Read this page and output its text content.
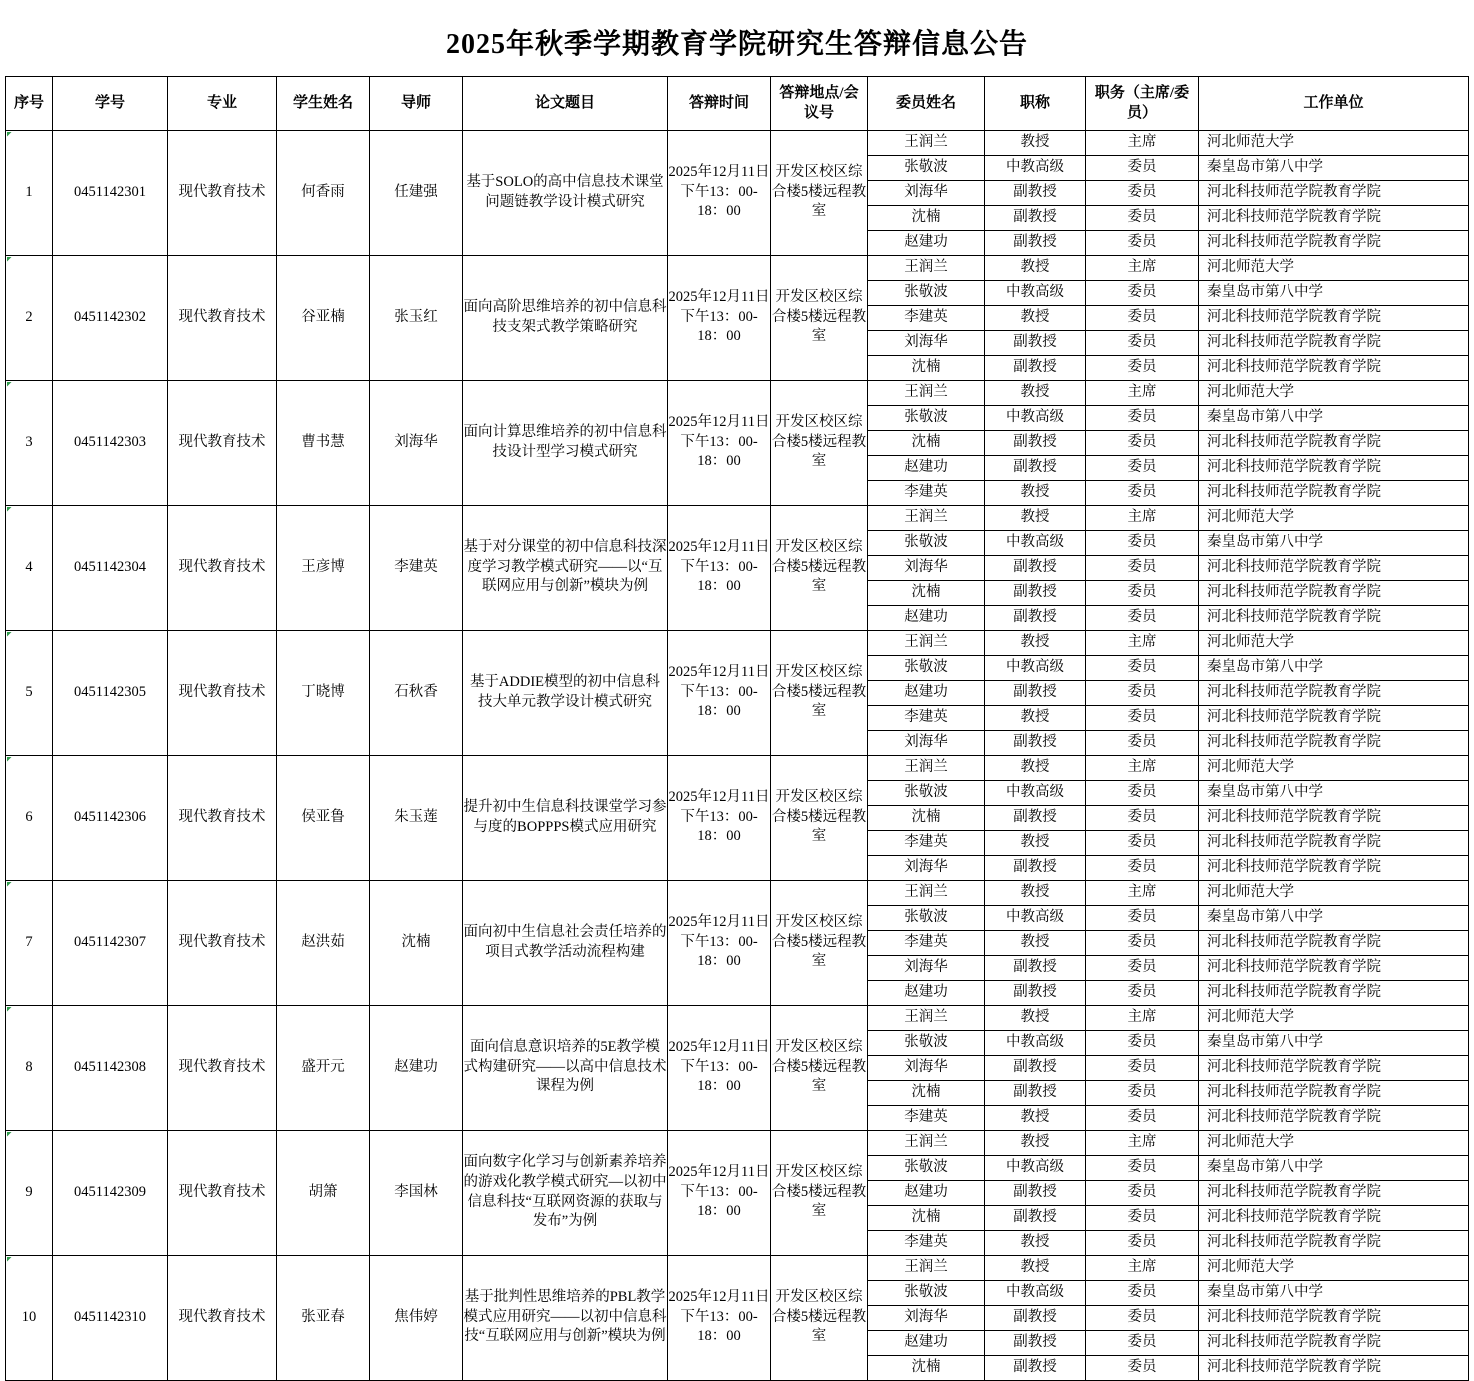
2025年秋季学期教育学院研究生答辩信息公告
序号	学号	专业	学生姓名	导师	论文题目	答辩时间	答辩地点/会议号	委员姓名	职称	职务（主席/委员）	工作单位
1	0451142301	现代教育技术	何香雨	任建强	基于SOLO的高中信息技术课堂问题链教学设计模式研究	2025年12月11日下午13：00-18：00	开发区校区综合楼5楼远程教室	
王润兰	教授	主席	河北师范大学
张敬波	中教高级	委员	秦皇岛市第八中学
刘海华	副教授	委员	河北科技师范学院教育学院
沈楠	副教授	委员	河北科技师范学院教育学院
赵建功	副教授	委员	河北科技师范学院教育学院

2	0451142302	现代教育技术	谷亚楠	张玉红	面向高阶思维培养的初中信息科技支架式教学策略研究	2025年12月11日下午13：00-18：00	开发区校区综合楼5楼远程教室	
王润兰	教授	主席	河北师范大学
张敬波	中教高级	委员	秦皇岛市第八中学
李建英	教授	委员	河北科技师范学院教育学院
刘海华	副教授	委员	河北科技师范学院教育学院
沈楠	副教授	委员	河北科技师范学院教育学院

3	0451142303	现代教育技术	曹书慧	刘海华	面向计算思维培养的初中信息科技设计型学习模式研究	2025年12月11日下午13：00-18：00	开发区校区综合楼5楼远程教室	
王润兰	教授	主席	河北师范大学
张敬波	中教高级	委员	秦皇岛市第八中学
沈楠	副教授	委员	河北科技师范学院教育学院
赵建功	副教授	委员	河北科技师范学院教育学院
李建英	教授	委员	河北科技师范学院教育学院

4	0451142304	现代教育技术	王彦博	李建英	基于对分课堂的初中信息科技深度学习教学模式研究——以“互联网应用与创新”模块为例	2025年12月11日下午13：00-18：00	开发区校区综合楼5楼远程教室	
王润兰	教授	主席	河北师范大学
张敬波	中教高级	委员	秦皇岛市第八中学
刘海华	副教授	委员	河北科技师范学院教育学院
沈楠	副教授	委员	河北科技师范学院教育学院
赵建功	副教授	委员	河北科技师范学院教育学院

5	0451142305	现代教育技术	丁晓博	石秋香	基于ADDIE模型的初中信息科技大单元教学设计模式研究	2025年12月11日下午13：00-18：00	开发区校区综合楼5楼远程教室	
王润兰	教授	主席	河北师范大学
张敬波	中教高级	委员	秦皇岛市第八中学
赵建功	副教授	委员	河北科技师范学院教育学院
李建英	教授	委员	河北科技师范学院教育学院
刘海华	副教授	委员	河北科技师范学院教育学院

6	0451142306	现代教育技术	侯亚鲁	朱玉莲	提升初中生信息科技课堂学习参与度的BOPPPS模式应用研究	2025年12月11日下午13：00-18：00	开发区校区综合楼5楼远程教室	
王润兰	教授	主席	河北师范大学
张敬波	中教高级	委员	秦皇岛市第八中学
沈楠	副教授	委员	河北科技师范学院教育学院
李建英	教授	委员	河北科技师范学院教育学院
刘海华	副教授	委员	河北科技师范学院教育学院

7	0451142307	现代教育技术	赵洪茹	沈楠	面向初中生信息社会责任培养的项目式教学活动流程构建	2025年12月11日下午13：00-18：00	开发区校区综合楼5楼远程教室	
王润兰	教授	主席	河北师范大学
张敬波	中教高级	委员	秦皇岛市第八中学
李建英	教授	委员	河北科技师范学院教育学院
刘海华	副教授	委员	河北科技师范学院教育学院
赵建功	副教授	委员	河北科技师范学院教育学院

8	0451142308	现代教育技术	盛开元	赵建功	面向信息意识培养的5E教学模式构建研究——以高中信息技术课程为例	2025年12月11日下午13：00-18：00	开发区校区综合楼5楼远程教室	
王润兰	教授	主席	河北师范大学
张敬波	中教高级	委员	秦皇岛市第八中学
刘海华	副教授	委员	河北科技师范学院教育学院
沈楠	副教授	委员	河北科技师范学院教育学院
李建英	教授	委员	河北科技师范学院教育学院

9	0451142309	现代教育技术	胡箫	李国林	面向数字化学习与创新素养培养的游戏化教学模式研究—以初中信息科技“互联网资源的获取与发布”为例	2025年12月11日下午13：00-18：00	开发区校区综合楼5楼远程教室	
王润兰	教授	主席	河北师范大学
张敬波	中教高级	委员	秦皇岛市第八中学
赵建功	副教授	委员	河北科技师范学院教育学院
沈楠	副教授	委员	河北科技师范学院教育学院
李建英	教授	委员	河北科技师范学院教育学院

10	0451142310	现代教育技术	张亚春	焦伟婷	基于批判性思维培养的PBL教学模式应用研究——以初中信息科技“互联网应用与创新”模块为例	2025年12月11日下午13：00-18：00	开发区校区综合楼5楼远程教室	
王润兰	教授	主席	河北师范大学
张敬波	中教高级	委员	秦皇岛市第八中学
刘海华	副教授	委员	河北科技师范学院教育学院
赵建功	副教授	委员	河北科技师范学院教育学院
沈楠	副教授	委员	河北科技师范学院教育学院
